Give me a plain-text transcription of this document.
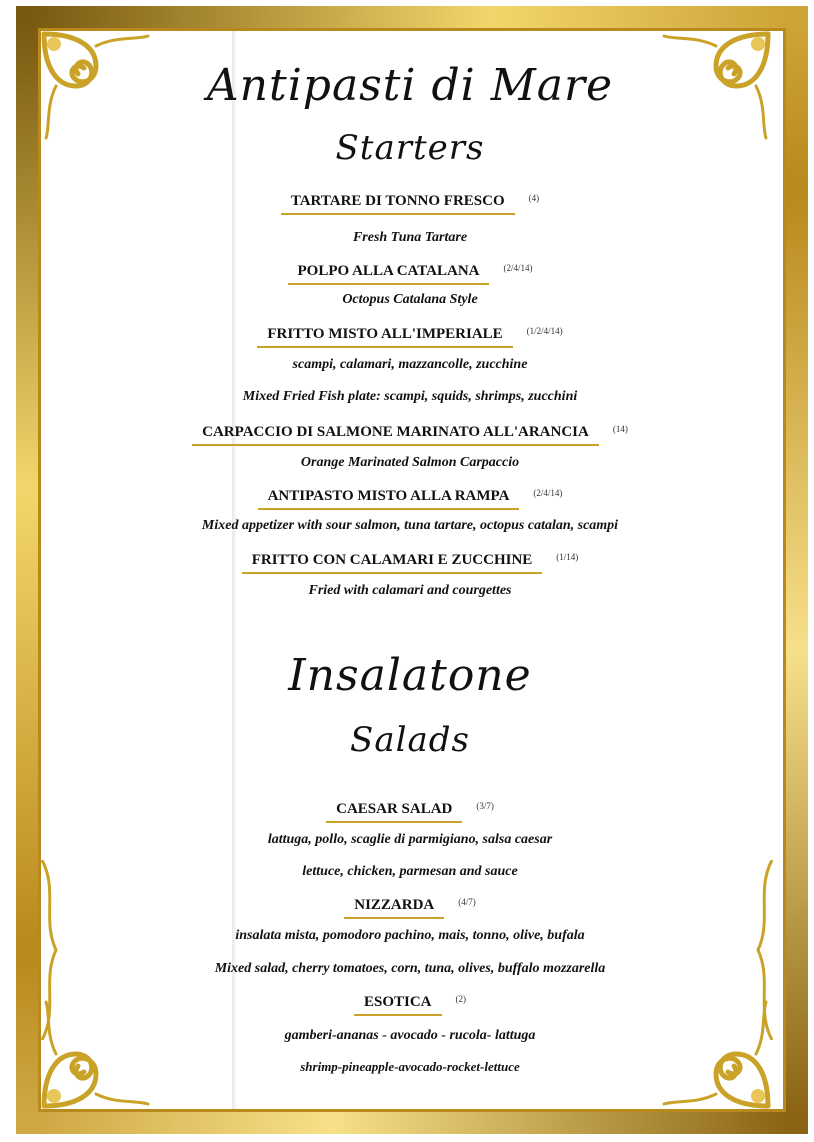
Antipasti di Mare
Starters
TARTARE DI TONNO FRESCO	$^{(4)}$
Fresh Tuna Tartare
POLPO ALLA CATALANA	$^{(2/4/14)}$
Octopus Catalana Style
FRITTO MISTO ALL'IMPERIALE	$^{(1/2/4/14)}$
scampi, calamari, mazzancolle, zucchine
Mixed Fried Fish plate: scampi, squids, shrimps, zucchini
CARPACCIO DI SALMONE MARINATO ALL'ARANCIA	$^{(14)}$
Orange Marinated Salmon Carpaccio
ANTIPASTO MISTO ALLA RAMPA	$^{(2/4/14)}$
Mixed appetizer with sour salmon, tuna tartare, octopus catalan, scampi
FRITTO CON CALAMARI E ZUCCHINE	$^{(1/14)}$
Fried with calamari and courgettes
Insalatone
Salads
CAESAR SALAD	$^{(3/7)}$
lattuga, pollo, scaglie di parmigiano, salsa caesar
lettuce, chicken, parmesan and sauce
NIZZARDA	$^{(4/7)}$
insalata mista, pomodoro pachino, mais, tonno, olive, bufala
Mixed salad, cherry tomatoes, corn, tuna, olives, buffalo mozzarella
ESOTICA	$^{(2)}$
gamberi-ananas - avocado - rucola- lattuga
shrimp-pineapple-avocado-rocket-lettuce
